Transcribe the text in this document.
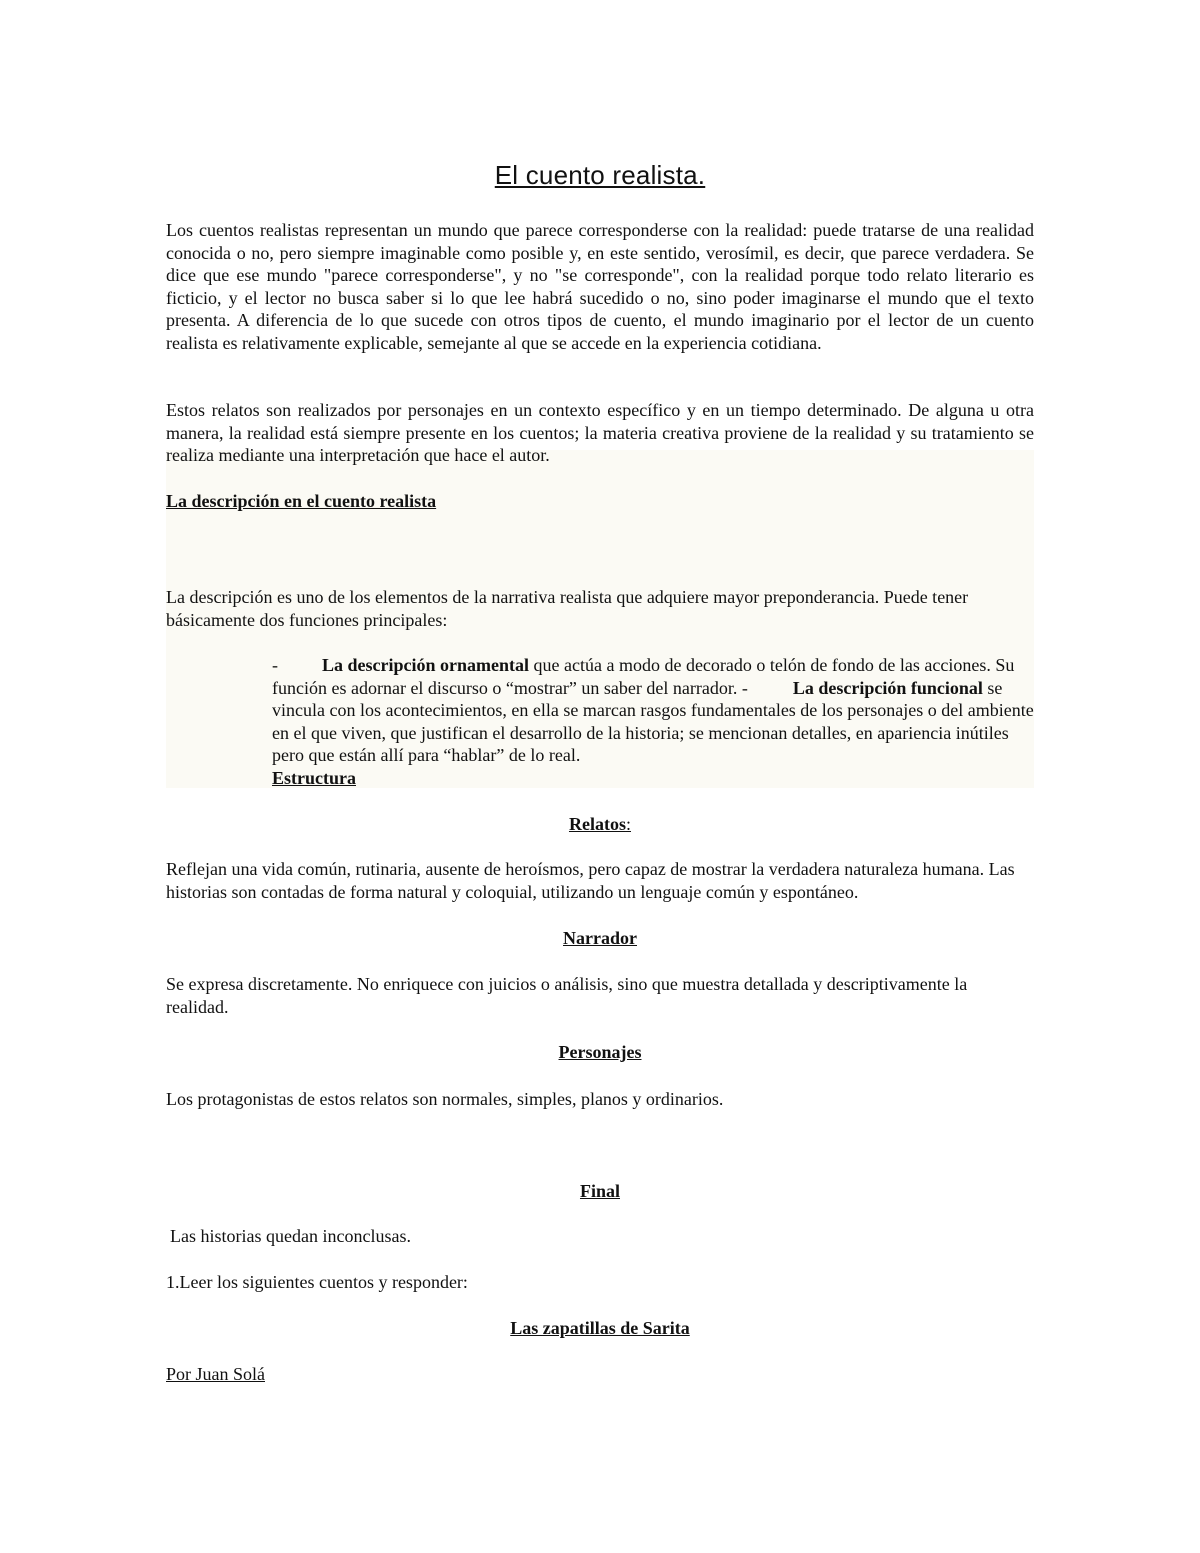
El cuento realista.

Los cuentos realistas representan un mundo que parece corresponderse con la realidad: puede tratarse de una realidad conocida o no, pero siempre imaginable como posible y, en este sentido, verosímil, es decir, que parece verdadera. Se dice que ese mundo "parece corresponderse", y no "se corresponde", con la realidad porque todo relato literario es ficticio, y el lector no busca saber si lo que lee habrá sucedido o no, sino poder imaginarse el mundo que el texto presenta. A diferencia de lo que sucede con otros tipos de cuento, el mundo imaginario por el lector de un cuento realista es relativamente explicable, semejante al que se accede en la experiencia cotidiana.

Estos relatos son realizados por personajes en un contexto específico y en un tiempo determinado. De alguna u otra manera, la realidad está siempre presente en los cuentos; la materia creativa proviene de la realidad y su tratamiento se realiza mediante una interpretación que hace el autor.

La descripción en el cuento realista

La descripción es uno de los elementos de la narrativa realista que adquiere mayor preponderancia. Puede tener básicamente dos funciones principales:

- La descripción ornamental que actúa a modo de decorado o telón de fondo de las acciones. Su función es adornar el discurso o “mostrar” un saber del narrador. -	La descripción funcional se vincula con los acontecimientos, en ella se marcan rasgos fundamentales de los personajes o del ambiente en el que viven, que justifican el desarrollo de la historia; se mencionan detalles, en apariencia inútiles pero que están allí para “hablar” de lo real.
Estructura

Relatos:

Reflejan una vida común, rutinaria, ausente de heroísmos, pero capaz de mostrar la verdadera naturaleza humana. Las historias son contadas de forma natural y coloquial, utilizando un lenguaje común y espontáneo.

Narrador

Se expresa discretamente. No enriquece con juicios o análisis, sino que muestra detallada y descriptivamente la realidad.

Personajes

Los protagonistas de estos relatos son normales, simples, planos y ordinarios.

Final

Las historias quedan inconclusas.

1.Leer los siguientes cuentos y responder:

Las zapatillas de Sarita

Por Juan Solá
